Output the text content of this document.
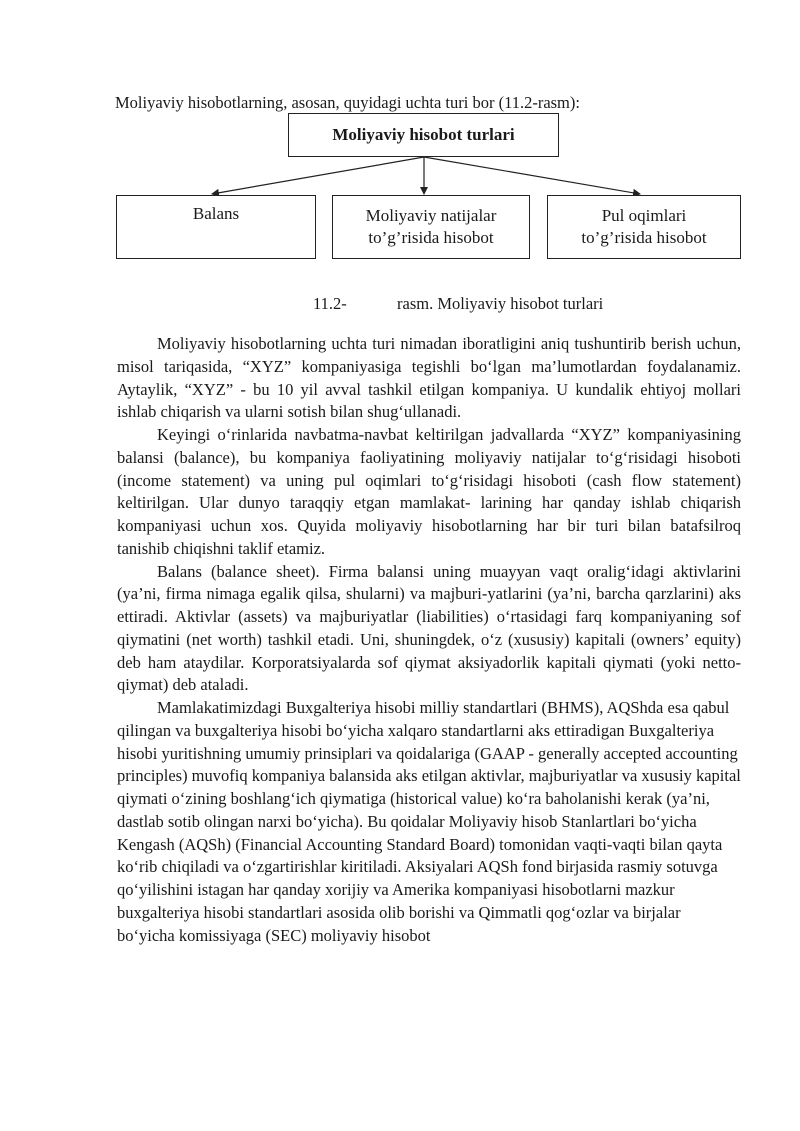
Moliyaviy hisobotlarning, asosan, quyidagi uchta turi bor (11.2-rasm):

Moliyaviy hisobot turlari
Balans	Moliyaviy natijalar
to’g’risida hisobot
Pul oqimlari
to’g’risida hisobot

11.2-	rasm. Moliyaviy hisobot turlari

Moliyaviy hisobotlarning uchta turi nimadan iboratligini aniq tushuntirib berish uchun, misol tariqasida, “XYZ” kompaniyasiga tegishli bo‘lgan ma’lumotlardan foydalanamiz. Aytaylik, “XYZ” - bu 10 yil avval tashkil etilgan kompaniya. U kundalik ehtiyoj mollari ishlab chiqarish va ularni sotish bilan shug‘ullanadi.

Keyingi o‘rinlarida navbatma-navbat keltirilgan jadvallarda “XYZ” kompaniyasining balansi (balance), bu kompaniya faoliyatining moliyaviy natijalar to‘g‘risidagi hisoboti (income statement) va uning pul oqimlari to‘g‘risidagi hisoboti (cash flow statement) keltirilgan. Ular dunyo taraqqiy etgan mamlakat- larining har qanday ishlab chiqarish kompaniyasi uchun xos. Quyida moliyaviy hisobotlarning har bir turi bilan batafsilroq tanishib chiqishni taklif etamiz.

Balans (balance sheet). Firma balansi uning muayyan vaqt oralig‘idagi aktivlarini (ya’ni, firma nimaga egalik qilsa, shularni) va majburi-yatlarini (ya’ni, barcha qarzlarini) aks ettiradi. Aktivlar (assets) va majburiyatlar (liabilities) o‘rtasidagi farq kompaniyaning sof qiymatini (net worth) tashkil etadi. Uni, shuningdek, o‘z (xususiy) kapitali (owners’ equity) deb ham ataydilar. Korporatsiyalarda sof qiymat aksiyadorlik kapitali qiymati (yoki netto-qiymat) deb ataladi.

Mamlakatimizdagi Buxgalteriya hisobi milliy standartlari (BHMS), AQShda esa qabul qilingan va buxgalteriya hisobi bo‘yicha xalqaro standartlarni aks ettiradigan Buxgalteriya hisobi yuritishning umumiy prinsiplari va qoidalariga (GAAP - generally accepted accounting principles) muvofiq kompaniya balansida aks etilgan aktivlar, majburiyatlar va xususiy kapital qiymati o‘zining boshlang‘ich qiymatiga (historical value) ko‘ra baholanishi kerak (ya’ni, dastlab sotib olingan narxi bo‘yicha). Bu qoidalar Moliyaviy hisob Stanlartlari bo‘yicha Kengash (AQSh) (Financial Accounting Standard Board) tomonidan vaqti-vaqti bilan qayta ko‘rib chiqiladi va o‘zgartirishlar kiritiladi. Aksiyalari AQSh fond birjasida rasmiy sotuvga qo‘yilishini istagan har qanday xorijiy va Amerika kompaniyasi hisobotlarni mazkur buxgalteriya hisobi standartlari asosida olib borishi va Qimmatli qog‘ozlar va birjalar bo‘yicha komissiyaga (SEC) moliyaviy hisobot
